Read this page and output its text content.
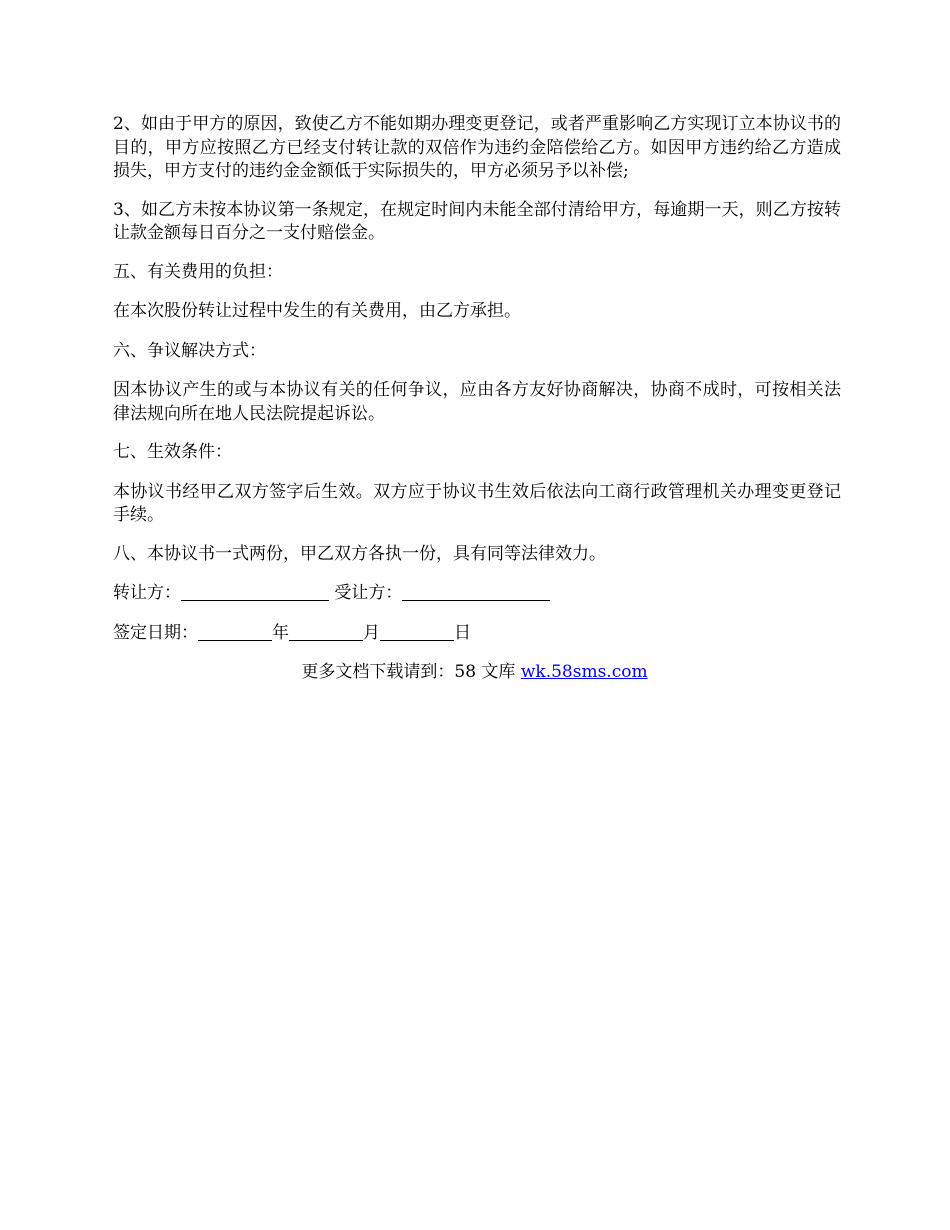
2、如由于甲方的原因，致使乙方不能如期办理变更登记，或者严重影响乙方实现订立本协议书的目的，甲方应按照乙方已经支付转让款的双倍作为违约金陪偿给乙方。如因甲方违约给乙方造成损失，甲方支付的违约金金额低于实际损失的，甲方必须另予以补偿;

3、如乙方未按本协议第一条规定，在规定时间内未能全部付清给甲方，每逾期一天，则乙方按转让款金额每日百分之一支付赔偿金。

五、有关费用的负担：

在本次股份转让过程中发生的有关费用，由乙方承担。

六、争议解决方式：

因本协议产生的或与本协议有关的任何争议，应由各方友好协商解决，协商不成时，可按相关法律法规向所在地人民法院提起诉讼。

七、生效条件：

本协议书经甲乙双方签字后生效。双方应于协议书生效后依法向工商行政管理机关办理变更登记手续。

八、本协议书一式两份，甲乙双方各执一份，具有同等法律效力。

转让方：	受让方：

签定日期：	年	月	日

更多文档下载请到：58 文库 wk.58sms.com
